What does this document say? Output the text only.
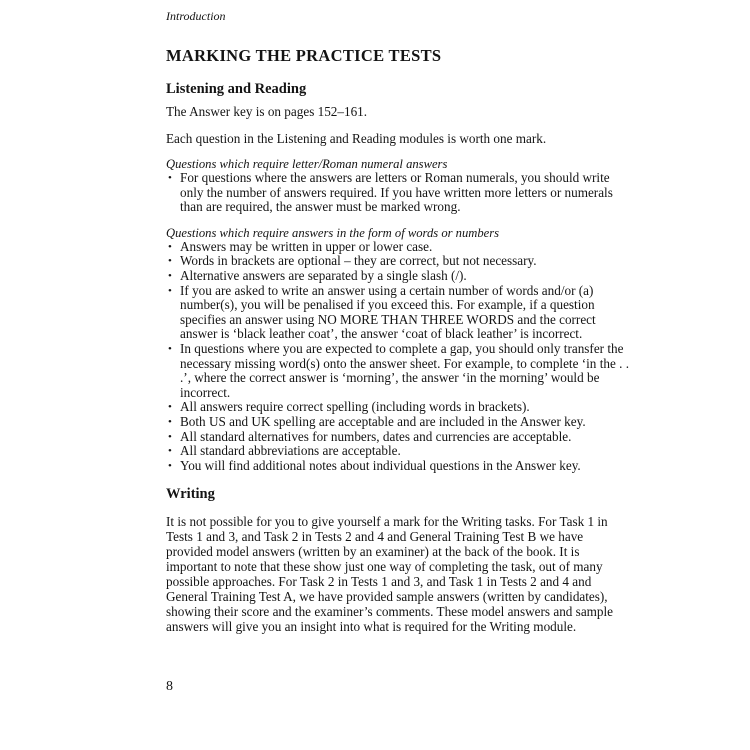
Introduction
MARKING THE PRACTICE TESTS
Listening and Reading

The Answer key is on pages 152–161.

Each question in the Listening and Reading modules is worth one mark.

Questions which require letter/Roman numeral answers

• For questions where the answers are letters or Roman numerals, you should write only the number of answers required. If you have written more letters or numerals than are required, the answer must be marked wrong.

Questions which require answers in the form of words or numbers

• Answers may be written in upper or lower case.
• Words in brackets are optional – they are correct, but not necessary.
• Alternative answers are separated by a single slash (/).
• If you are asked to write an answer using a certain number of words and/or (a) number(s), you will be penalised if you exceed this. For example, if a question specifies an answer using NO MORE THAN THREE WORDS and the correct answer is ‘black leather coat’, the answer ‘coat of black leather’ is incorrect.
• In questions where you are expected to complete a gap, you should only transfer the necessary missing word(s) onto the answer sheet. For example, to complete ‘in the . . .’, where the correct answer is ‘morning’, the answer ‘in the morning’ would be incorrect.
• All answers require correct spelling (including words in brackets).
• Both US and UK spelling are acceptable and are included in the Answer key.
• All standard alternatives for numbers, dates and currencies are acceptable.
• All standard abbreviations are acceptable.
• You will find additional notes about individual questions in the Answer key.
Writing

It is not possible for you to give yourself a mark for the Writing tasks. For Task 1 in Tests 1 and 3, and Task 2 in Tests 2 and 4 and General Training Test B we have provided model answers (written by an examiner) at the back of the book. It is important to note that these show just one way of completing the task, out of many possible approaches. For Task 2 in Tests 1 and 3, and Task 1 in Tests 2 and 4 and General Training Test A, we have provided sample answers (written by candidates), showing their score and the examiner’s comments. These model answers and sample answers will give you an insight into what is required for the Writing module.

8
